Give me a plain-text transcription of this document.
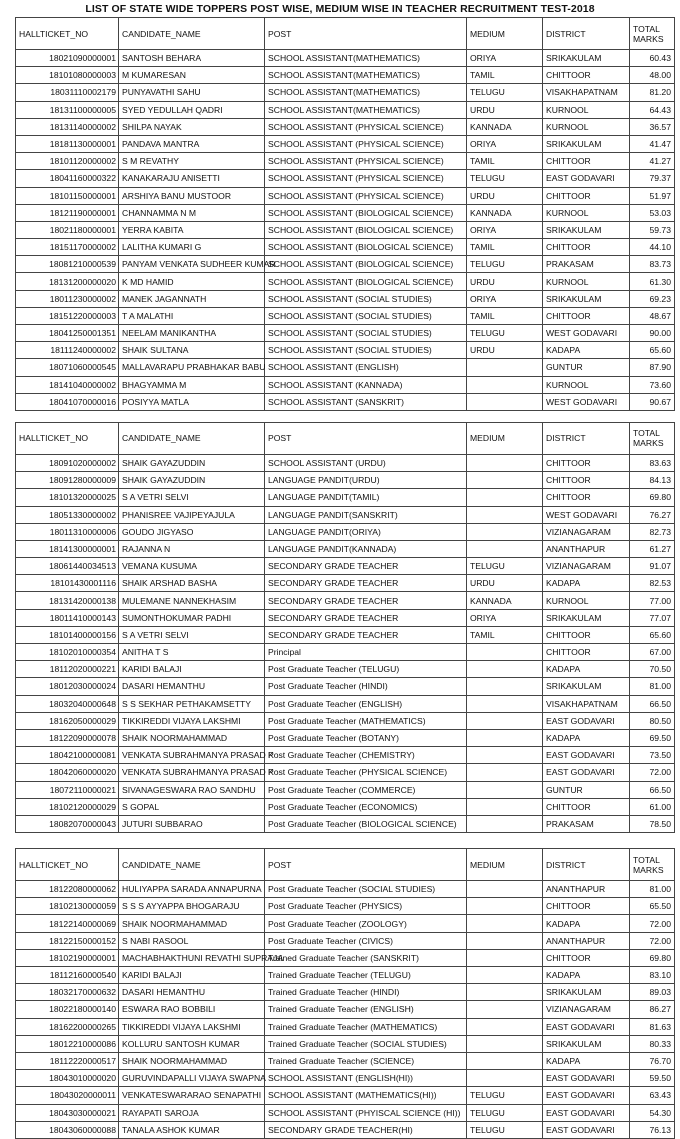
LIST OF STATE WIDE TOPPERS POST WISE, MEDIUM WISE IN TEACHER RECRUITMENT TEST-2018
HALLTICKET_NO	CANDIDATE_NAME	POST	MEDIUM	DISTRICT	TOTAL MARKS
18021090000001	SANTOSH BEHARA	SCHOOL ASSISTANT(MATHEMATICS)	ORIYA	SRIKAKULAM	60.43
18101080000003	M KUMARESAN	SCHOOL ASSISTANT(MATHEMATICS)	TAMIL	CHITTOOR	48.00
18031110002179	PUNYAVATHI SAHU	SCHOOL ASSISTANT(MATHEMATICS)	TELUGU	VISAKHAPATNAM	81.20
18131100000005	SYED YEDULLAH QADRI	SCHOOL ASSISTANT(MATHEMATICS)	URDU	KURNOOL	64.43
18131140000002	SHILPA NAYAK	SCHOOL ASSISTANT (PHYSICAL SCIENCE)	KANNADA	KURNOOL	36.57
18181130000001	PANDAVA MANTRA	SCHOOL ASSISTANT (PHYSICAL SCIENCE)	ORIYA	SRIKAKULAM	41.47
18101120000002	S M REVATHY	SCHOOL ASSISTANT (PHYSICAL SCIENCE)	TAMIL	CHITTOOR	41.27
18041160000322	KANAKARAJU ANISETTI	SCHOOL ASSISTANT (PHYSICAL SCIENCE)	TELUGU	EAST GODAVARI	79.37
18101150000001	ARSHIYA BANU MUSTOOR	SCHOOL ASSISTANT (PHYSICAL SCIENCE)	URDU	CHITTOOR	51.97
18121190000001	CHANNAMMA N M	SCHOOL ASSISTANT (BIOLOGICAL SCIENCE)	KANNADA	KURNOOL	53.03
18021180000001	YERRA KABITA	SCHOOL ASSISTANT (BIOLOGICAL SCIENCE)	ORIYA	SRIKAKULAM	59.73
18151170000002	LALITHA KUMARI G	SCHOOL ASSISTANT (BIOLOGICAL SCIENCE)	TAMIL	CHITTOOR	44.10
18081210000539	PANYAM VENKATA SUDHEER KUMAR	SCHOOL ASSISTANT (BIOLOGICAL SCIENCE)	TELUGU	PRAKASAM	83.73
18131200000020	K MD HAMID	SCHOOL ASSISTANT (BIOLOGICAL SCIENCE)	URDU	KURNOOL	61.30
18011230000002	MANEK JAGANNATH	SCHOOL ASSISTANT (SOCIAL STUDIES)	ORIYA	SRIKAKULAM	69.23
18151220000003	T A MALATHI	SCHOOL ASSISTANT (SOCIAL STUDIES)	TAMIL	CHITTOOR	48.67
18041250001351	NEELAM MANIKANTHA	SCHOOL ASSISTANT (SOCIAL STUDIES)	TELUGU	WEST GODAVARI	90.00
18111240000002	SHAIK SULTANA	SCHOOL ASSISTANT (SOCIAL STUDIES)	URDU	KADAPA	65.60
18071060000545	MALLAVARAPU PRABHAKAR BABU	SCHOOL ASSISTANT (ENGLISH)		GUNTUR	87.90
18141040000002	BHAGYAMMA M	SCHOOL ASSISTANT (KANNADA)		KURNOOL	73.60
18041070000016	POSIYYA MATLA	SCHOOL ASSISTANT (SANSKRIT)		WEST GODAVARI	90.67
HALLTICKET_NO	CANDIDATE_NAME	POST	MEDIUM	DISTRICT	TOTAL MARKS
18091020000002	SHAIK GAYAZUDDIN	SCHOOL ASSISTANT (URDU)		CHITTOOR	83.63
18091280000009	SHAIK GAYAZUDDIN	LANGUAGE PANDIT(URDU)		CHITTOOR	84.13
18101320000025	S A VETRI SELVI	LANGUAGE PANDIT(TAMIL)		CHITTOOR	69.80
18051330000002	PHANISREE VAJIPEYAJULA	LANGUAGE PANDIT(SANSKRIT)		WEST GODAVARI	76.27
18011310000006	GOUDO JIGYASO	LANGUAGE PANDIT(ORIYA)		VIZIANAGARAM	82.73
18141300000001	RAJANNA N	LANGUAGE PANDIT(KANNADA)		ANANTHAPUR	61.27
18061440034513	VEMANA KUSUMA	SECONDARY GRADE TEACHER	TELUGU	VIZIANAGARAM	91.07
18101430001116	SHAIK ARSHAD BASHA	SECONDARY GRADE TEACHER	URDU	KADAPA	82.53
18131420000138	MULEMANE NANNEKHASIM	SECONDARY GRADE TEACHER	KANNADA	KURNOOL	77.00
18011410000143	SUMONTHOKUMAR PADHI	SECONDARY GRADE TEACHER	ORIYA	SRIKAKULAM	77.07
18101400000156	S A VETRI SELVI	SECONDARY GRADE TEACHER	TAMIL	CHITTOOR	65.60
18102010000354	ANITHA T S	Principal		CHITTOOR	67.00
18112020000221	KARIDI BALAJI	Post Graduate Teacher (TELUGU)		KADAPA	70.50
18012030000024	DASARI HEMANTHU	Post Graduate Teacher (HINDI)		SRIKAKULAM	81.00
18032040000648	S S SEKHAR PETHAKAMSETTY	Post Graduate Teacher (ENGLISH)		VISAKHAPATNAM	66.50
18162050000029	TIKKIREDDI VIJAYA LAKSHMI	Post Graduate Teacher (MATHEMATICS)		EAST GODAVARI	80.50
18122090000078	SHAIK NOORMAHAMMAD	Post Graduate Teacher (BOTANY)		KADAPA	69.50
18042100000081	VENKATA SUBRAHMANYA PRASAD K	Post Graduate Teacher (CHEMISTRY)		EAST GODAVARI	73.50
18042060000020	VENKATA SUBRAHMANYA PRASAD K	Post Graduate Teacher (PHYSICAL SCIENCE)		EAST GODAVARI	72.00
18072110000021	SIVANAGESWARA RAO SANDHU	Post Graduate Teacher (COMMERCE)		GUNTUR	66.50
18102120000029	S GOPAL	Post Graduate Teacher (ECONOMICS)		CHITTOOR	61.00
18082070000043	JUTURI SUBBARAO	Post Graduate Teacher (BIOLOGICAL SCIENCE)		PRAKASAM	78.50
HALLTICKET_NO	CANDIDATE_NAME	POST	MEDIUM	DISTRICT	TOTAL MARKS
18122080000062	HULIYAPPA SARADA ANNAPURNA	Post Graduate Teacher (SOCIAL STUDIES)		ANANTHAPUR	81.00
18102130000059	S S S AYYAPPA BHOGARAJU	Post Graduate Teacher (PHYSICS)		CHITTOOR	65.50
18122140000069	SHAIK NOORMAHAMMAD	Post Graduate Teacher (ZOOLOGY)		KADAPA	72.00
18122150000152	S NABI RASOOL	Post Graduate Teacher (CIVICS)		ANANTHAPUR	72.00
18102190000001	MACHABHAKTHUNI REVATHI SUPRAJA	Trained Graduate Teacher (SANSKRIT)		CHITTOOR	69.80
18112160000540	KARIDI BALAJI	Trained Graduate Teacher (TELUGU)		KADAPA	83.10
18032170000632	DASARI HEMANTHU	Trained Graduate Teacher (HINDI)		SRIKAKULAM	89.03
18022180000140	ESWARA RAO BOBBILI	Trained Graduate Teacher (ENGLISH)		VIZIANAGARAM	86.27
18162200000265	TIKKIREDDI VIJAYA LAKSHMI	Trained Graduate Teacher (MATHEMATICS)		EAST GODAVARI	81.63
18012210000086	KOLLURU SANTOSH KUMAR	Trained Graduate Teacher (SOCIAL STUDIES)		SRIKAKULAM	80.33
18112220000517	SHAIK NOORMAHAMMAD	Trained Graduate Teacher (SCIENCE)		KADAPA	76.70
18043010000020	GURUVINDAPALLI VIJAYA SWAPNA	SCHOOL ASSISTANT (ENGLISH(HI))		EAST GODAVARI	59.50
18043020000011	VENKATESWARARAO SENAPATHI	SCHOOL ASSISTANT (MATHEMATICS(HI))	TELUGU	EAST GODAVARI	63.43
18043030000021	RAYAPATI SAROJA	SCHOOL ASSISTANT (PHYISCAL SCIENCE (HI))	TELUGU	EAST GODAVARI	54.30
18043060000088	TANALA ASHOK KUMAR	SECONDARY GRADE TEACHER(HI)	TELUGU	EAST GODAVARI	76.13
